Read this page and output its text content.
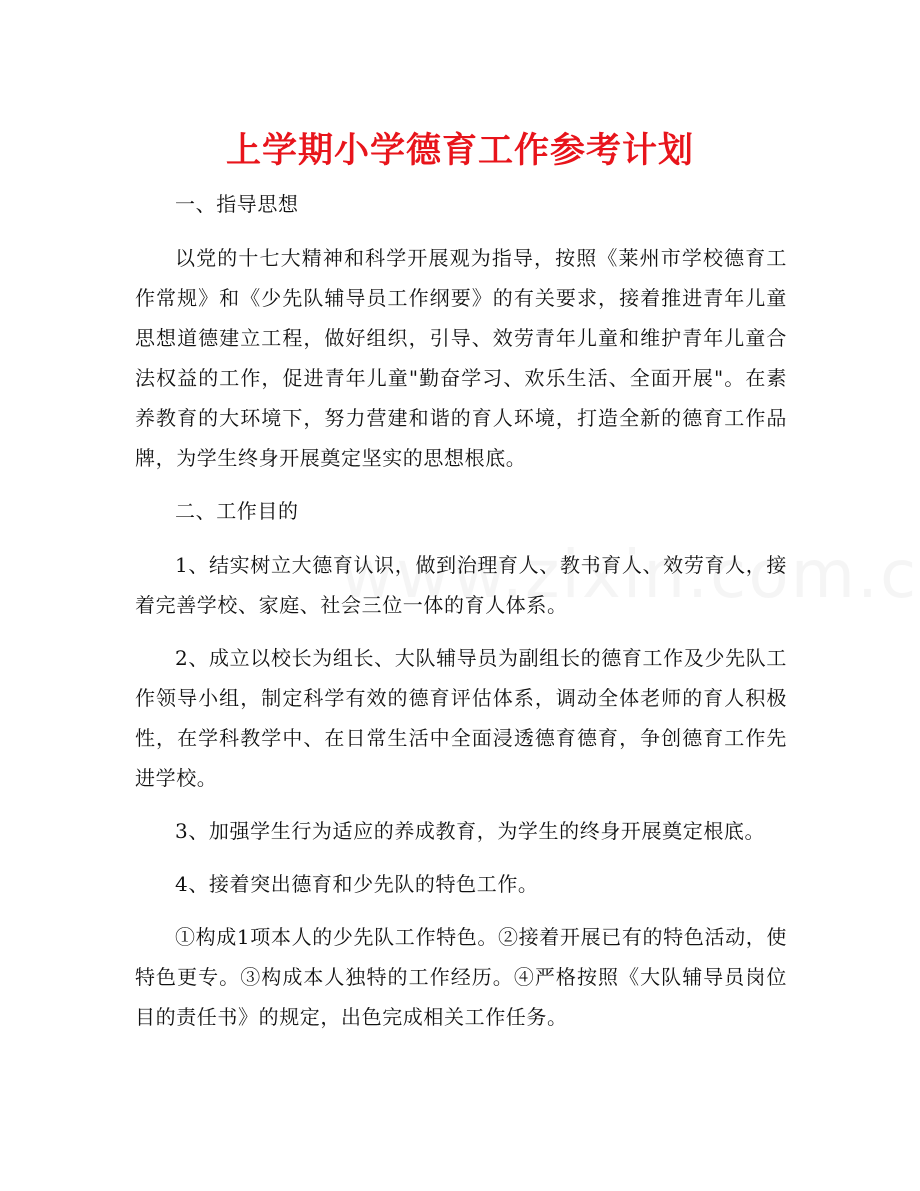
上学期小学德育工作参考计划

一、指导思想

以党的十七大精神和科学开展观为指导，按照《莱州市学校德育工作常规》和《少先队辅导员工作纲要》的有关要求，接着推进青年儿童思想道德建立工程，做好组织，引导、效劳青年儿童和维护青年儿童合法权益的工作，促进青年儿童"勤奋学习、欢乐生活、全面开展"。在素养教育的大环境下，努力营建和谐的育人环境，打造全新的德育工作品牌，为学生终身开展奠定坚实的思想根底。

二、工作目的

1、结实树立大德育认识，做到治理育人、教书育人、效劳育人，接着完善学校、家庭、社会三位一体的育人体系。

2、成立以校长为组长、大队辅导员为副组长的德育工作及少先队工作领导小组，制定科学有效的德育评估体系，调动全体老师的育人积极性，在学科教学中、在日常生活中全面浸透德育德育，争创德育工作先进学校。

3、加强学生行为适应的养成教育，为学生的终身开展奠定根底。

4、接着突出德育和少先队的特色工作。

①构成1项本人的少先队工作特色。②接着开展已有的特色活动，使特色更专。③构成本人独特的工作经历。④严格按照《大队辅导员岗位目的责任书》的规定，出色完成相关工作任务。
